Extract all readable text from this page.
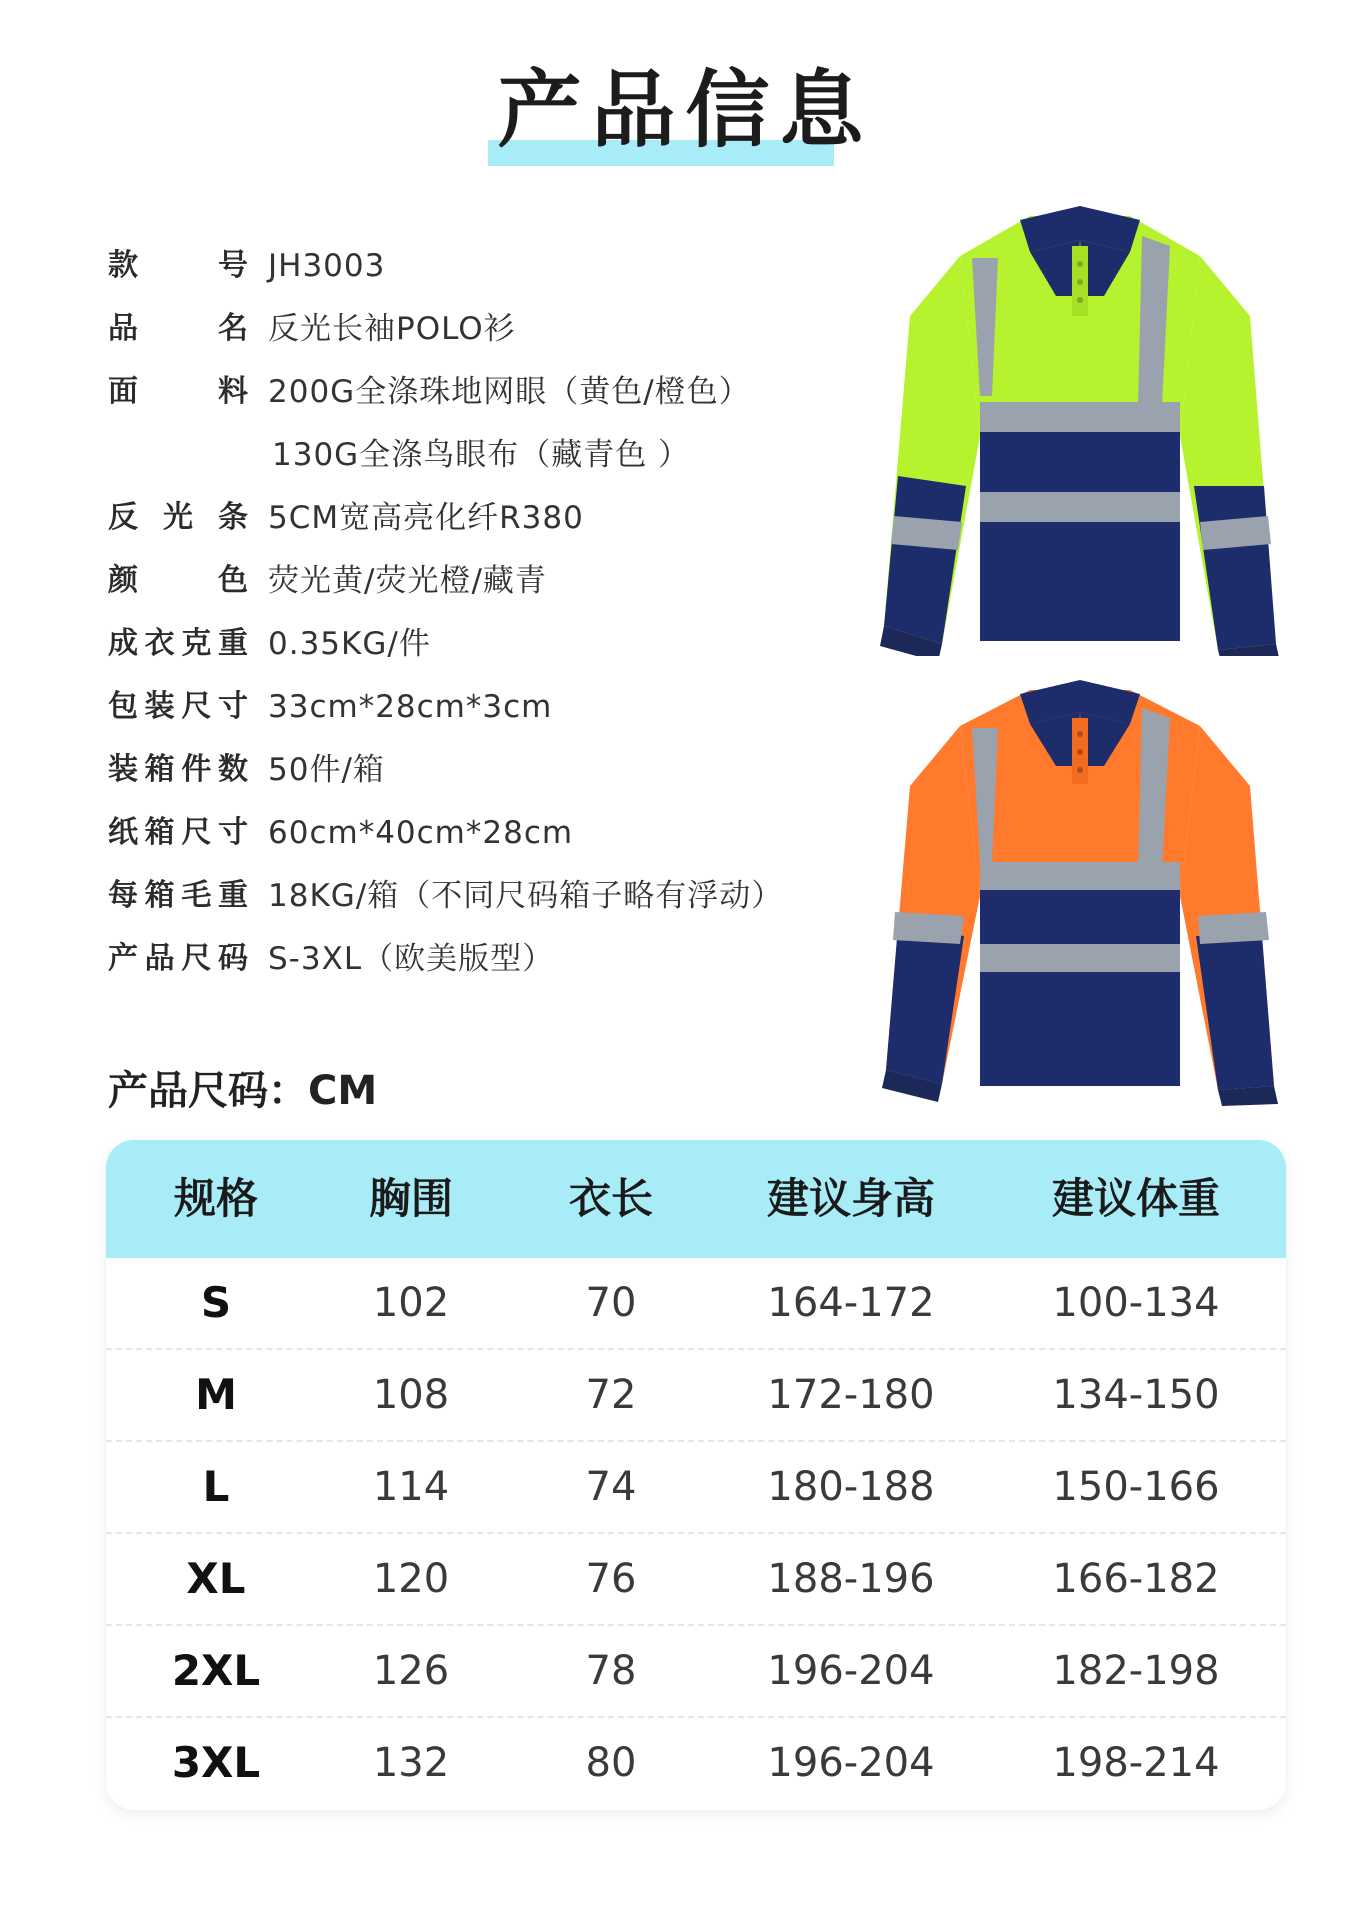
产品信息
款号 JH3003
品名 反光长袖POLO衫
面料 200G全涤珠地网眼（黄色/橙色）
130G全涤鸟眼布（藏青色 ）
反光条 5CM宽高亮化纤R380
颜色 荧光黄/荧光橙/藏青
成衣克重 0.35KG/件
包装尺寸 33cm*28cm*3cm
装箱件数 50件/箱
纸箱尺寸 60cm*40cm*28cm
每箱毛重 18KG/箱（不同尺码箱子略有浮动）
产品尺码 S-3XL（欧美版型）
产品尺码：CM
规格	胸围	衣长	建议身高	建议体重
S	102	70	164-172	100-134
M	108	72	172-180	134-150
L	114	74	180-188	150-166
XL	120	76	188-196	166-182
2XL	126	78	196-204	182-198
3XL	132	80	196-204	198-214
